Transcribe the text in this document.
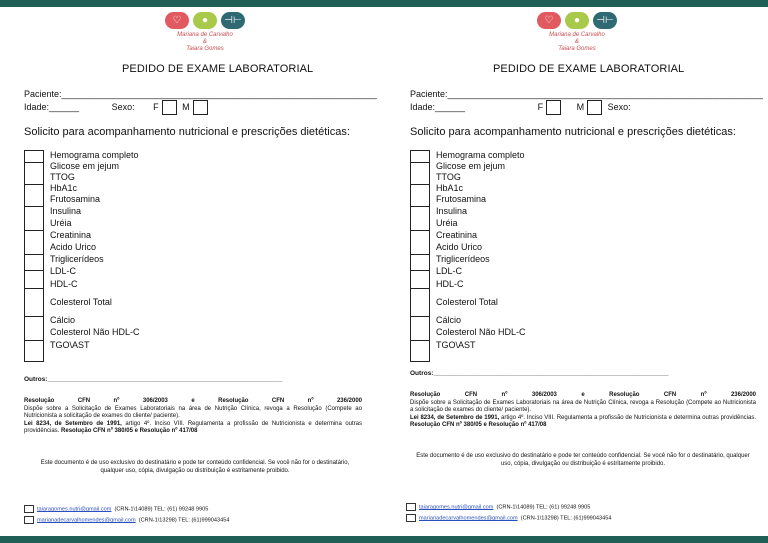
♡	●	⊣⊢
Mariana de Carvalho
&
Taiara Gomes
PEDIDO DE EXAME LABORATORIAL
Paciente:_______________________________________________________________
Idade:______	Sexo: F	M
Solicito para acompanhamento nutricional e prescrições dietéticas:
Hemograma completo
Glicose em jejum
TTOG
HbA1c
Frutosamina
Insulina
Uréia
Creatinina
Acido Urico
Triglicerídeos
LDL-C
HDL-C
Colesterol Total
Cálcio
Colesterol Não HDL-C
TGO\AST
Outros:_________________________________________________________________
Resolução CFN nº 306/2003 e Resolução CFN nº 236/2000
Dispõe sobre a Solicitação de Exames Laboratoriais na área de Nutrição Clínica, revoga a Resolução (Compete ao Nutricionista a solicitação de exames do cliente/ paciente).
Lei 8234, de Setembro de 1991, artigo 4º. Inciso VIII. Regulamenta a profissão de Nutricionista e determina outras providências. Resolução CFN nº 380/05 e Resolução nº 417/08
Este documento é de uso exclusivo do destinatário e pode ter conteúdo confidencial. Se você não for o destinatário, qualquer uso, cópia, divulgação ou distribuição é estritamente proibido.
taiaragomes.nutri@gmail.com (CRN-1\14089) TEL: (61) 99248 9905
marianadecarvalhomendes@gmail.com (CRN-1\13298) TEL: (61)999043454
♡	●	⊣⊢
Mariana de Carvalho
&
Taiara Gomes
PEDIDO DE EXAME LABORATORIAL
Paciente:_______________________________________________________________
Idade:______	F	M	Sexo:
Solicito para acompanhamento nutricional e prescrições dietéticas:
Hemograma completo
Glicose em jejum
TTOG
HbA1c
Frutosamina
Insulina
Uréia
Creatinina
Acido Urico
Triglicerídeos
LDL-C
HDL-C
Colesterol Total
Cálcio
Colesterol Não HDL-C
TGO\AST
Outros:_________________________________________________________________
Resolução CFN nº 306/2003 e Resolução CFN nº 236/2000
Dispõe sobre a Solicitação de Exames Laboratoriais na área de Nutrição Clínica, revoga a Resolução (Compete ao Nutricionista a solicitação de exames do cliente/ paciente).
Lei 8234, de Setembro de 1991, artigo 4º. Inciso VIII. Regulamenta a profissão de Nutricionista e determina outras providências. Resolução CFN nº 380/05 e Resolução nº 417/08
Este documento é de uso exclusivo do destinatário e pode ter conteúdo confidencial. Se você não for o destinatário, qualquer uso, cópia, divulgação ou distribuição é estritamente proibido.
taiaragomes.nutri@gmail.com (CRN-1\14089) TEL: (61) 99248 9905
marianadecarvalhomendes@gmail.com (CRN-1\13298) TEL: (61)999043454
